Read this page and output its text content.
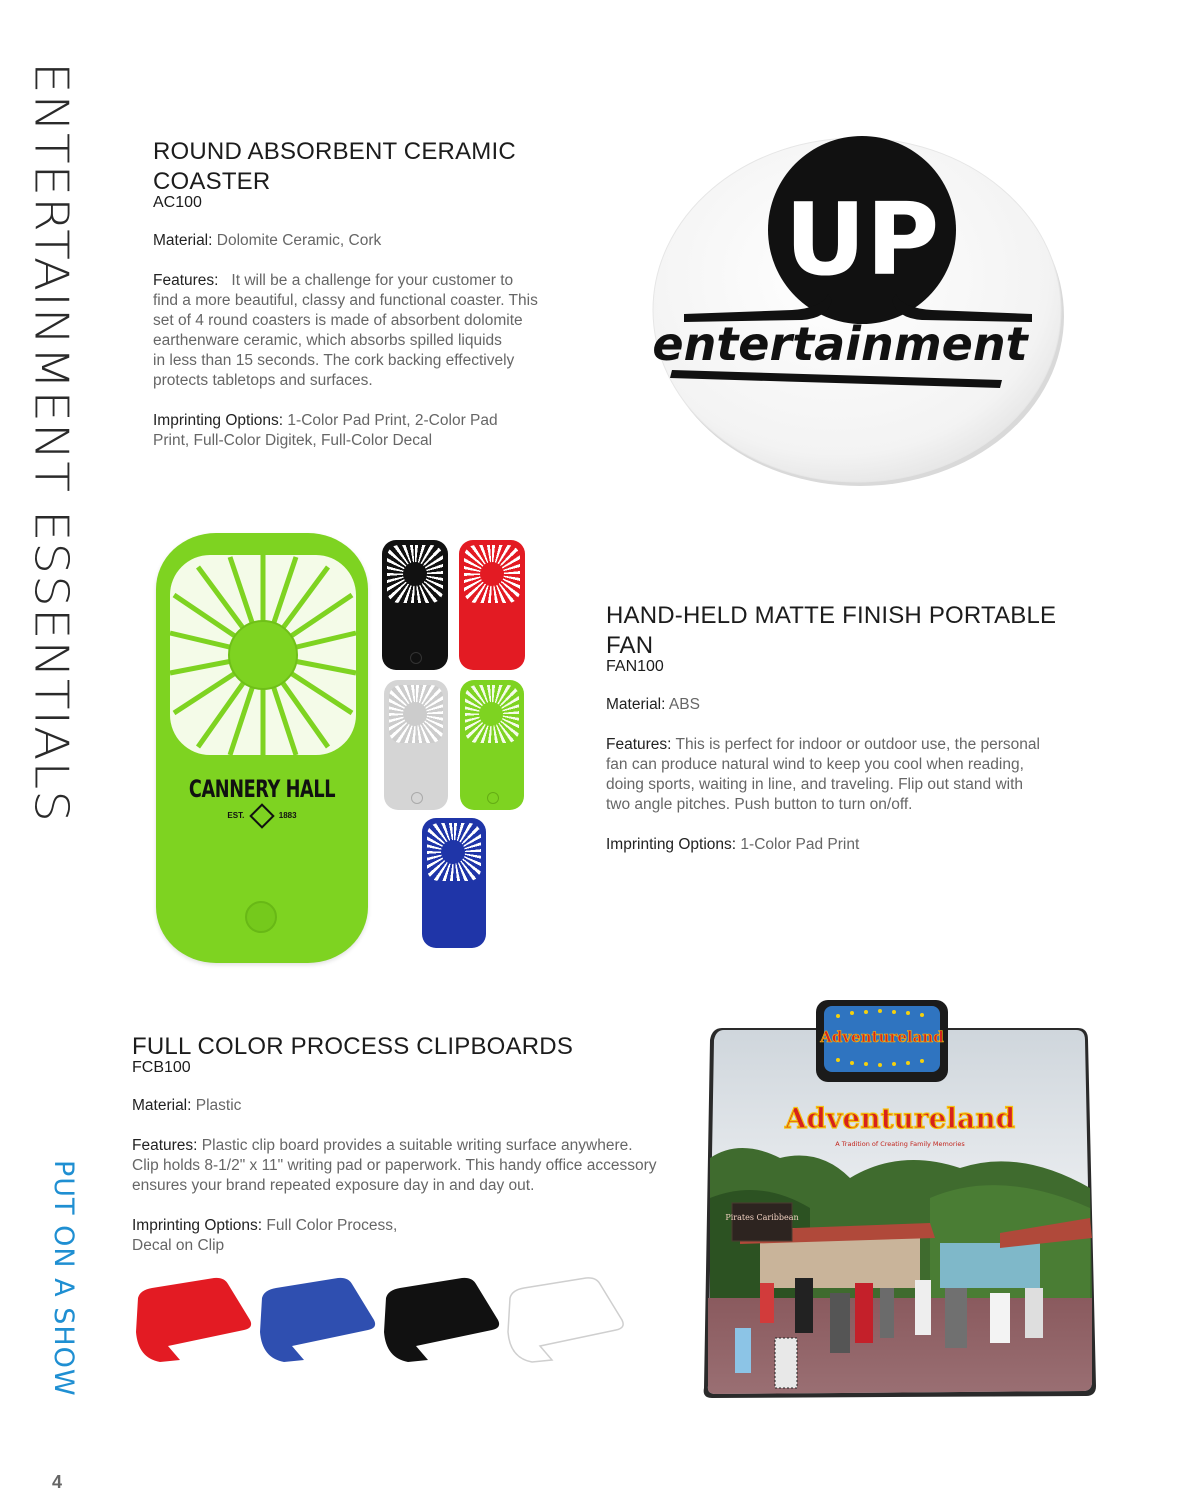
ENTERTAINMENT ESSENTIALS
PUT ON A SHOW
4
ROUND ABSORBENT CERAMIC
COASTER
AC100

Material: Dolomite Ceramic, Cork

Features: It will be a challenge for your customer to
find a more beautiful, classy and functional coaster. This
set of 4 round coasters is made of absorbent dolomite
earthenware ceramic, which absorbs spilled liquids
in less than 15 seconds. The cork backing effectively
protects tabletops and surfaces.

Imprinting Options: 1-Color Pad Print, 2-Color Pad
Print, Full-Color Digitek, Full-Color Decal

UP
entertainment
CANNERY HALL
EST.	1883
HAND-HELD MATTE FINISH PORTABLE
FAN
FAN100

Material: ABS

Features: This is perfect for indoor or outdoor use, the personal
fan can produce natural wind to keep you cool when reading,
doing sports, waiting in line, and traveling. Flip out stand with
two angle pitches. Push button to turn on/off.

Imprinting Options: 1-Color Pad Print

FULL COLOR PROCESS CLIPBOARDS
FCB100

Material: Plastic

Features: Plastic clip board provides a suitable writing surface anywhere.
Clip holds 8-1/2" x 11" writing pad or paperwork. This handy office accessory
ensures your brand repeated exposure day in and day out.

Imprinting Options: Full Color Process,
Decal on Clip

Pirates Caribbean
Adventureland
A Tradition of Creating Family Memories
Adventureland
